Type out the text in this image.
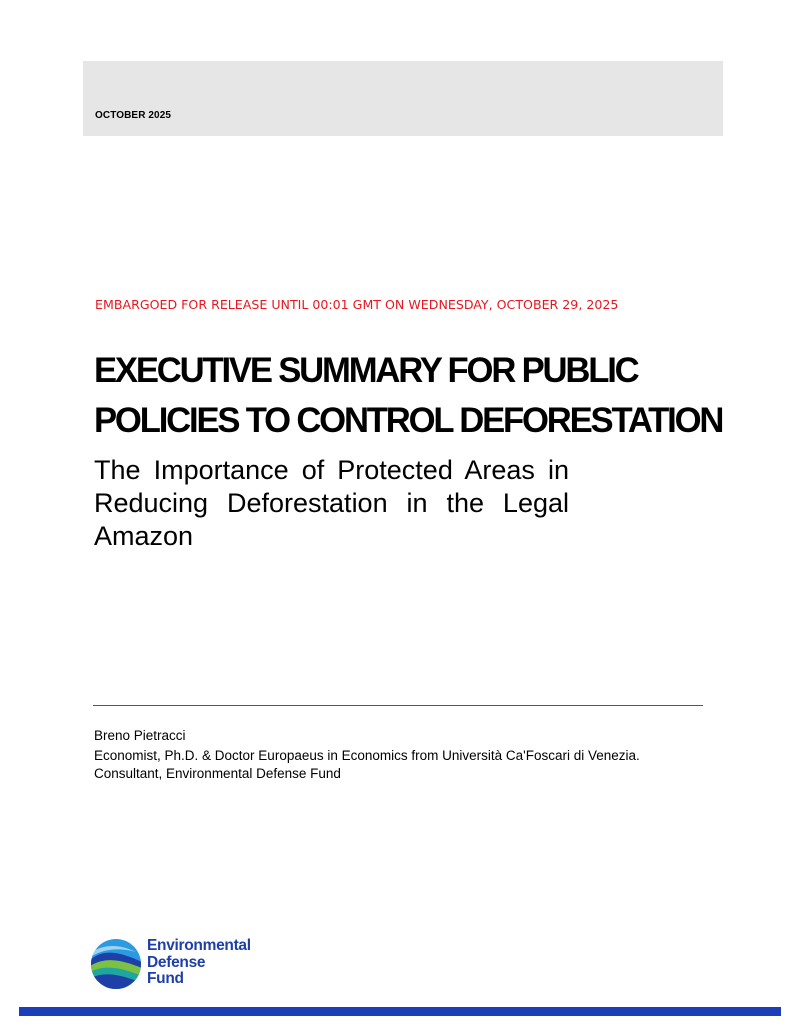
OCTOBER 2025
EMBARGOED FOR RELEASE UNTIL 00:01 GMT ON WEDNESDAY, OCTOBER 29, 2025
EXECUTIVE SUMMARY FOR PUBLIC
POLICIES TO CONTROL DEFORESTATION

The Importance of Protected Areas in Reducing Deforestation in the Legal Amazon

Breno Pietracci
Economist, Ph.D. & Doctor Europaeus in Economics from Università Ca'Foscari di Venezia.
Consultant, Environmental Defense Fund
Environmental
Defense
Fund
